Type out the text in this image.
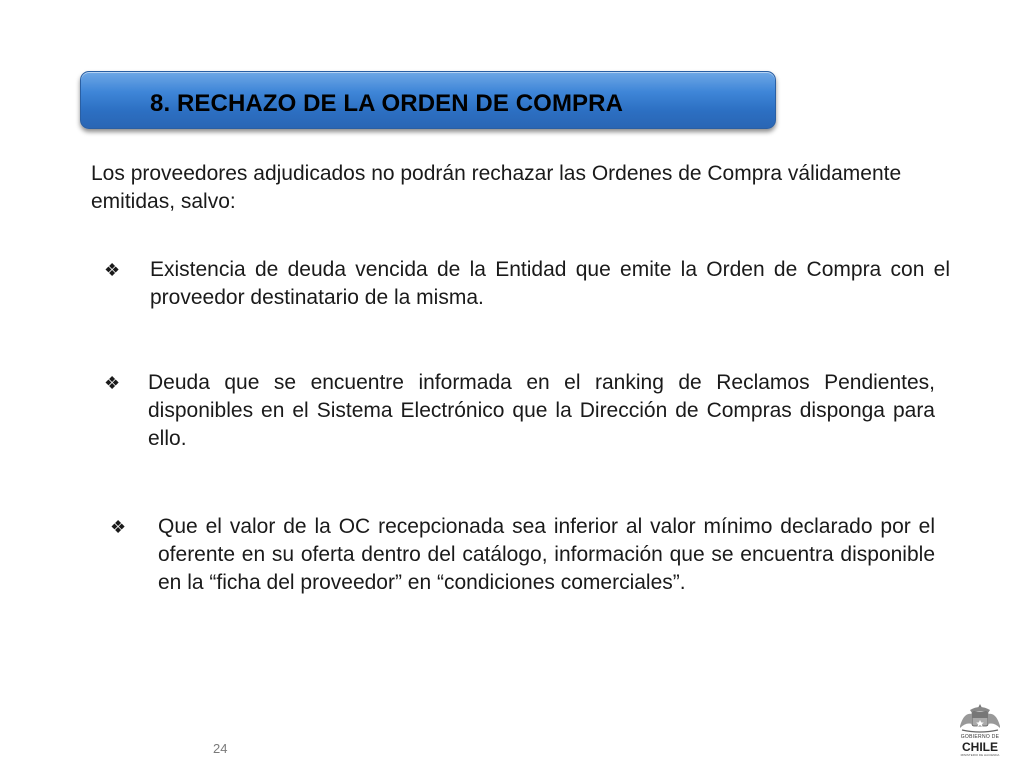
8. RECHAZO DE LA ORDEN DE COMPRA
Los proveedores adjudicados no podrán rechazar las Ordenes de Compra válidamente emitidas, salvo:
❖	Existencia de deuda vencida de la Entidad que emite la Orden de Compra con el proveedor destinatario de la misma.
❖	Deuda que se encuentre informada en el ranking de Reclamos Pendientes, disponibles en el Sistema Electrónico que la Dirección de Compras disponga para ello.
❖	Que el valor de la OC recepcionada sea inferior al valor mínimo declarado por el oferente en su oferta dentro del catálogo, información que se encuentra disponible en la “ficha del proveedor” en “condiciones comerciales”.
24
GOBIERNO DE
CHILE
MINISTERIO DE HACIENDA
